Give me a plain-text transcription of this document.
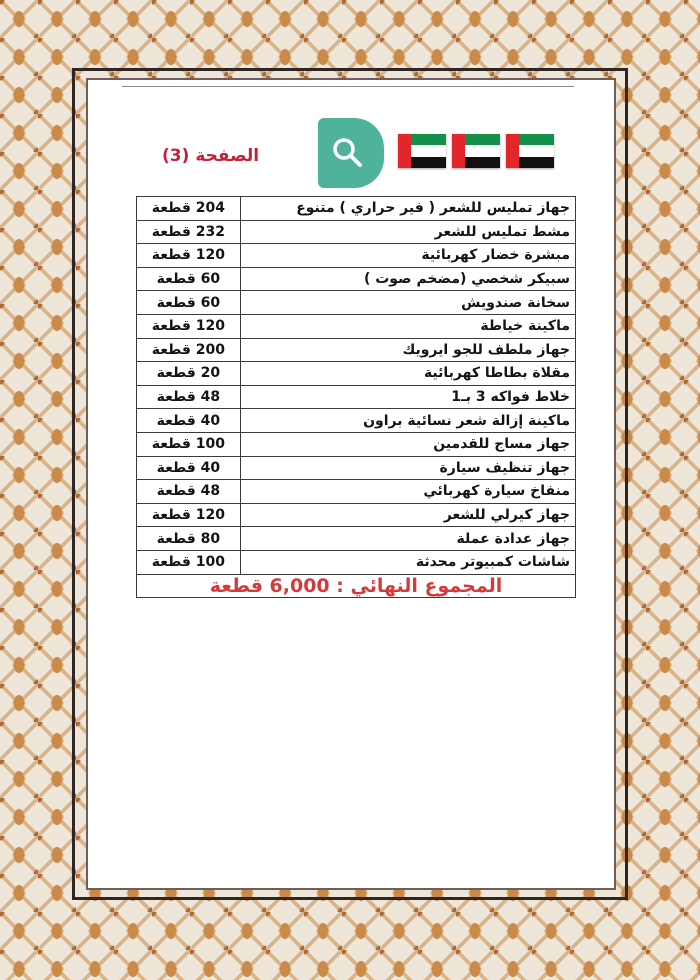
الصفحة (3)
جهاز تمليس للشعر ( فير حراري ) متنوع	204 قطعة
مشط تمليس للشعر	232 قطعة
مبشرة خضار كهربائية	120 قطعة
سبيكر شخصي (مضخم صوت )	60 قطعة
سخانة صندويش	60 قطعة
ماكينة خياطة	120 قطعة
جهاز ملطف للجو ايرويك	200 قطعة
مقلاة بطاطا كهربائية	20 قطعة
خلاط فواكه 3 بـ1	48 قطعة
ماكينة إزالة شعر نسائية براون	40 قطعة
جهاز مساج للقدمين	100 قطعة
جهاز تنظيف سيارة	40 قطعة
منفاخ سيارة كهربائي	48 قطعة
جهاز كيرلي للشعر	120 قطعة
جهاز عدادة عملة	80 قطعة
شاشات كمبيوتر محدثة	100 قطعة
المجموع النهائي : 6,000 قطعة	
